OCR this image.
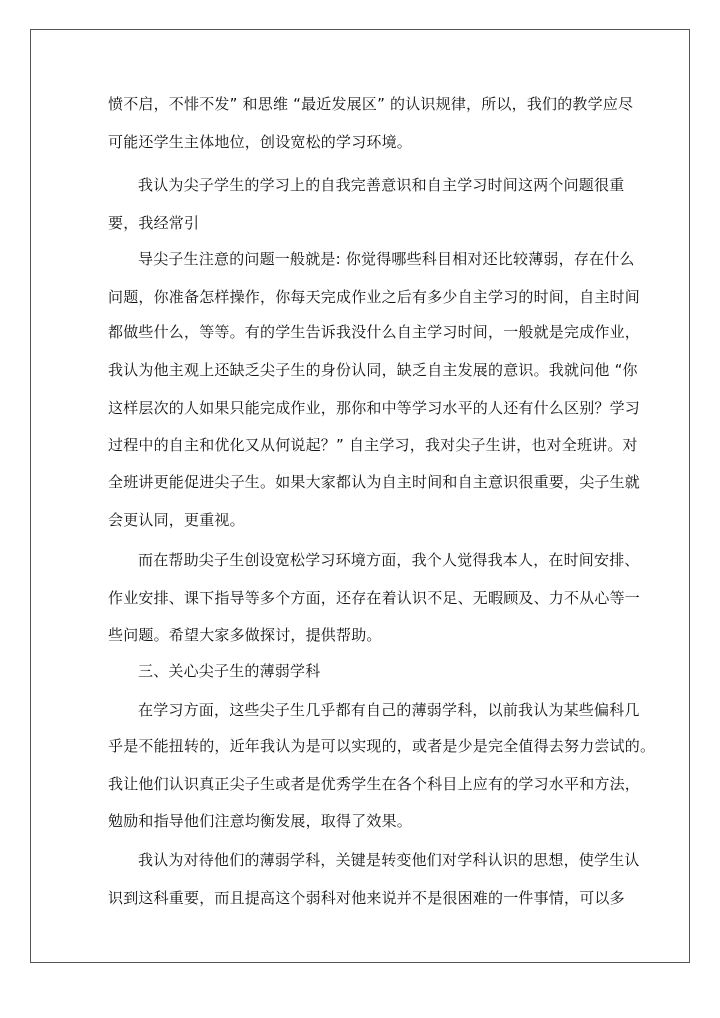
愤不启，不悱不发” 和思维 “最近发展区” 的认识规律，所以，我们的教学应尽
可能还学生主体地位，创设宽松的学习环境。
我认为尖子学生的学习上的自我完善意识和自主学习时间这两个问题很重
要，我经常引
导尖子生注意的问题一般就是: 你觉得哪些科目相对还比较薄弱，存在什么
问题，你准备怎样操作，你每天完成作业之后有多少自主学习的时间，自主时间
都做些什么，等等。有的学生告诉我没什么自主学习时间，一般就是完成作业，
我认为他主观上还缺乏尖子生的身份认同，缺乏自主发展的意识。我就问他 “你
这样层次的人如果只能完成作业，那你和中等学习水平的人还有什么区别？学习
过程中的自主和优化又从何说起？” 自主学习，我对尖子生讲，也对全班讲。对
全班讲更能促进尖子生。如果大家都认为自主时间和自主意识很重要，尖子生就
会更认同，更重视。
而在帮助尖子生创设宽松学习环境方面，我个人觉得我本人，在时间安排、
作业安排、课下指导等多个方面，还存在着认识不足、无暇顾及、力不从心等一
些问题。希望大家多做探讨，提供帮助。
三、关心尖子生的薄弱学科
在学习方面，这些尖子生几乎都有自己的薄弱学科，以前我认为某些偏科几
乎是不能扭转的，近年我认为是可以实现的，或者是少是完全值得去努力尝试的。
我让他们认识真正尖子生或者是优秀学生在各个科目上应有的学习水平和方法，
勉励和指导他们注意均衡发展，取得了效果。
我认为对待他们的薄弱学科，关键是转变他们对学科认识的思想，使学生认
识到这科重要，而且提高这个弱科对他来说并不是很困难的一件事情，可以多
